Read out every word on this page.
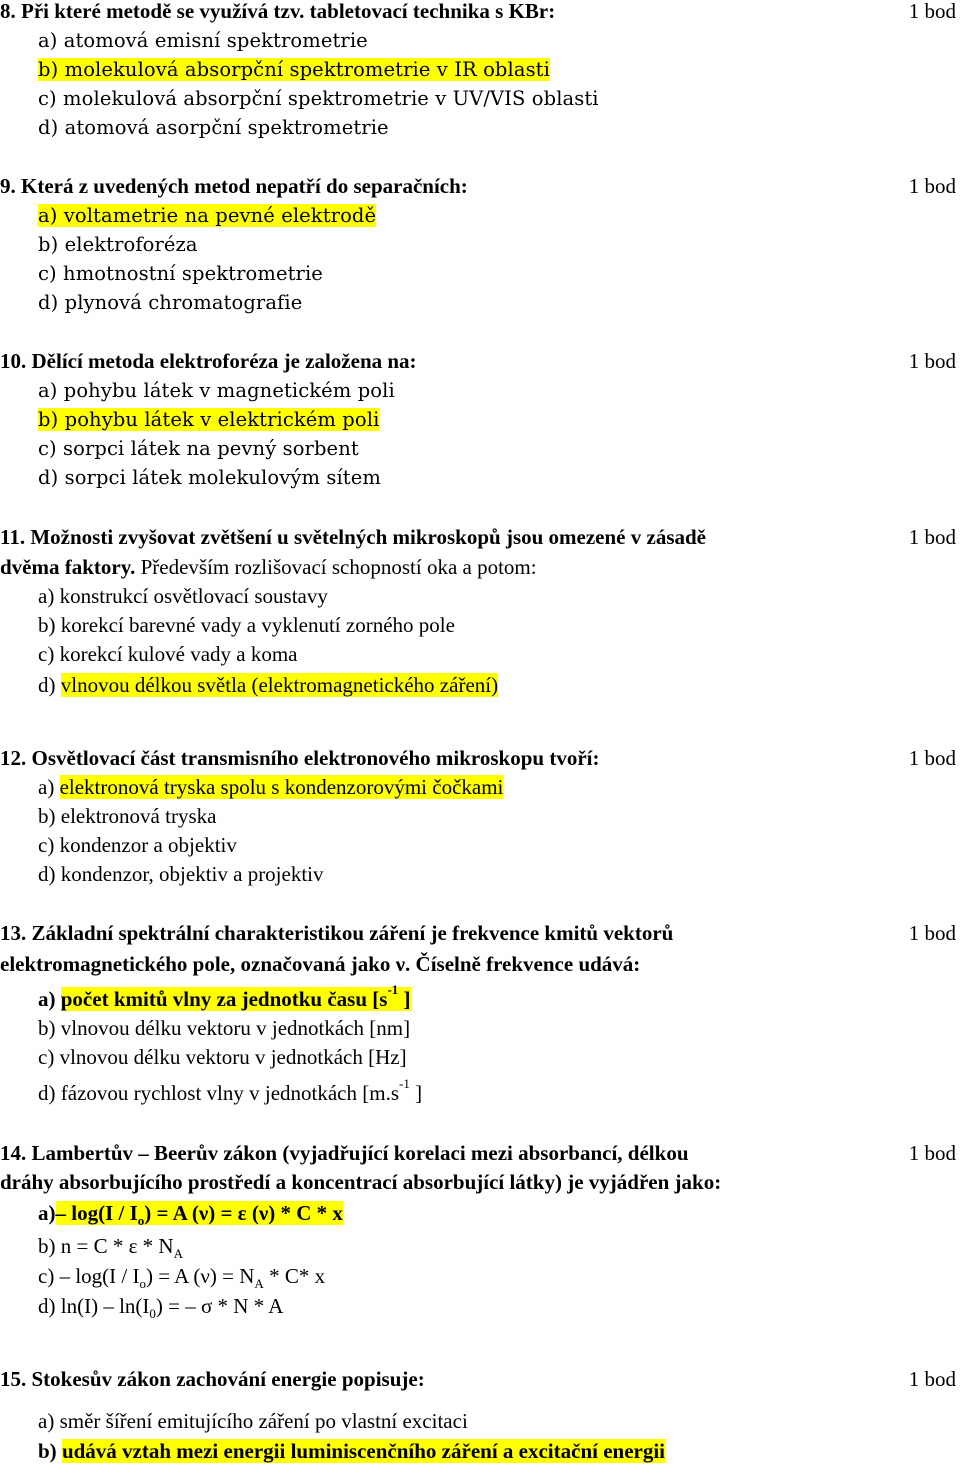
8. Při které metodě se využívá tzv. tabletovací technika s KBr:	1 bod
a) atomová emisní spektrometrie
b) molekulová absorpční spektrometrie v IR oblasti
c) molekulová absorpční spektrometrie v UV/VIS oblasti
d) atomová asorpční spektrometrie
9. Která z uvedených metod nepatří do separačních:	1 bod
a) voltametrie na pevné elektrodě
b) elektroforéza
c) hmotnostní spektrometrie
d) plynová chromatografie
10. Dělící metoda elektroforéza je založena na:	1 bod
a) pohybu látek v magnetickém poli
b) pohybu látek v elektrickém poli
c) sorpci látek na pevný sorbent
d) sorpci látek molekulovým sítem
11. Možnosti zvyšovat zvětšení u světelných mikroskopů jsou omezené v zásadě	1 bod
dvěma faktory. Především rozlišovací schopností oka a potom:
a) konstrukcí osvětlovací soustavy
b) korekcí barevné vady a vyklenutí zorného pole
c) korekcí kulové vady a koma
d) vlnovou délkou světla (elektromagnetického záření)
12. Osvětlovací část transmisního elektronového mikroskopu tvoří:	1 bod
a) elektronová tryska spolu s kondenzorovými čočkami
b) elektronová tryska
c) kondenzor a objektiv
d) kondenzor, objektiv a projektiv
13. Základní spektrální charakteristikou záření je frekvence kmitů vektorů	1 bod
elektromagnetického pole, označovaná jako ν. Číselně frekvence udává:
a) počet kmitů vlny za jednotku času [$s^{-1}$ ]
b) vlnovou délku vektoru v jednotkách [nm]
c) vlnovou délku vektoru v jednotkách [Hz]
d) fázovou rychlost vlny v jednotkách [$m.s^{-1}$ ]
14. Lambertův – Beerův zákon (vyjadřující korelaci mezi absorbancí, délkou	1 bod
dráhy absorbujícího prostředí a koncentrací absorbující látky) je vyjádřen jako:
a)– $\log(I / I_o) = A$ (ν) = ε (ν) * C * x
b) $n = C * \varepsilon * N_A$
$c) - \log(I / I_o) = A$ $(\nu) = N_A * C*$ x
d) $\ln(I) - \ln(I_0)$ = – σ * N * A
15. Stokesův zákon zachování energie popisuje:	1 bod
a) směr šíření emitujícího záření po vlastní excitaci
b) udává vztah mezi energii luminiscenčního záření a excitační energii
